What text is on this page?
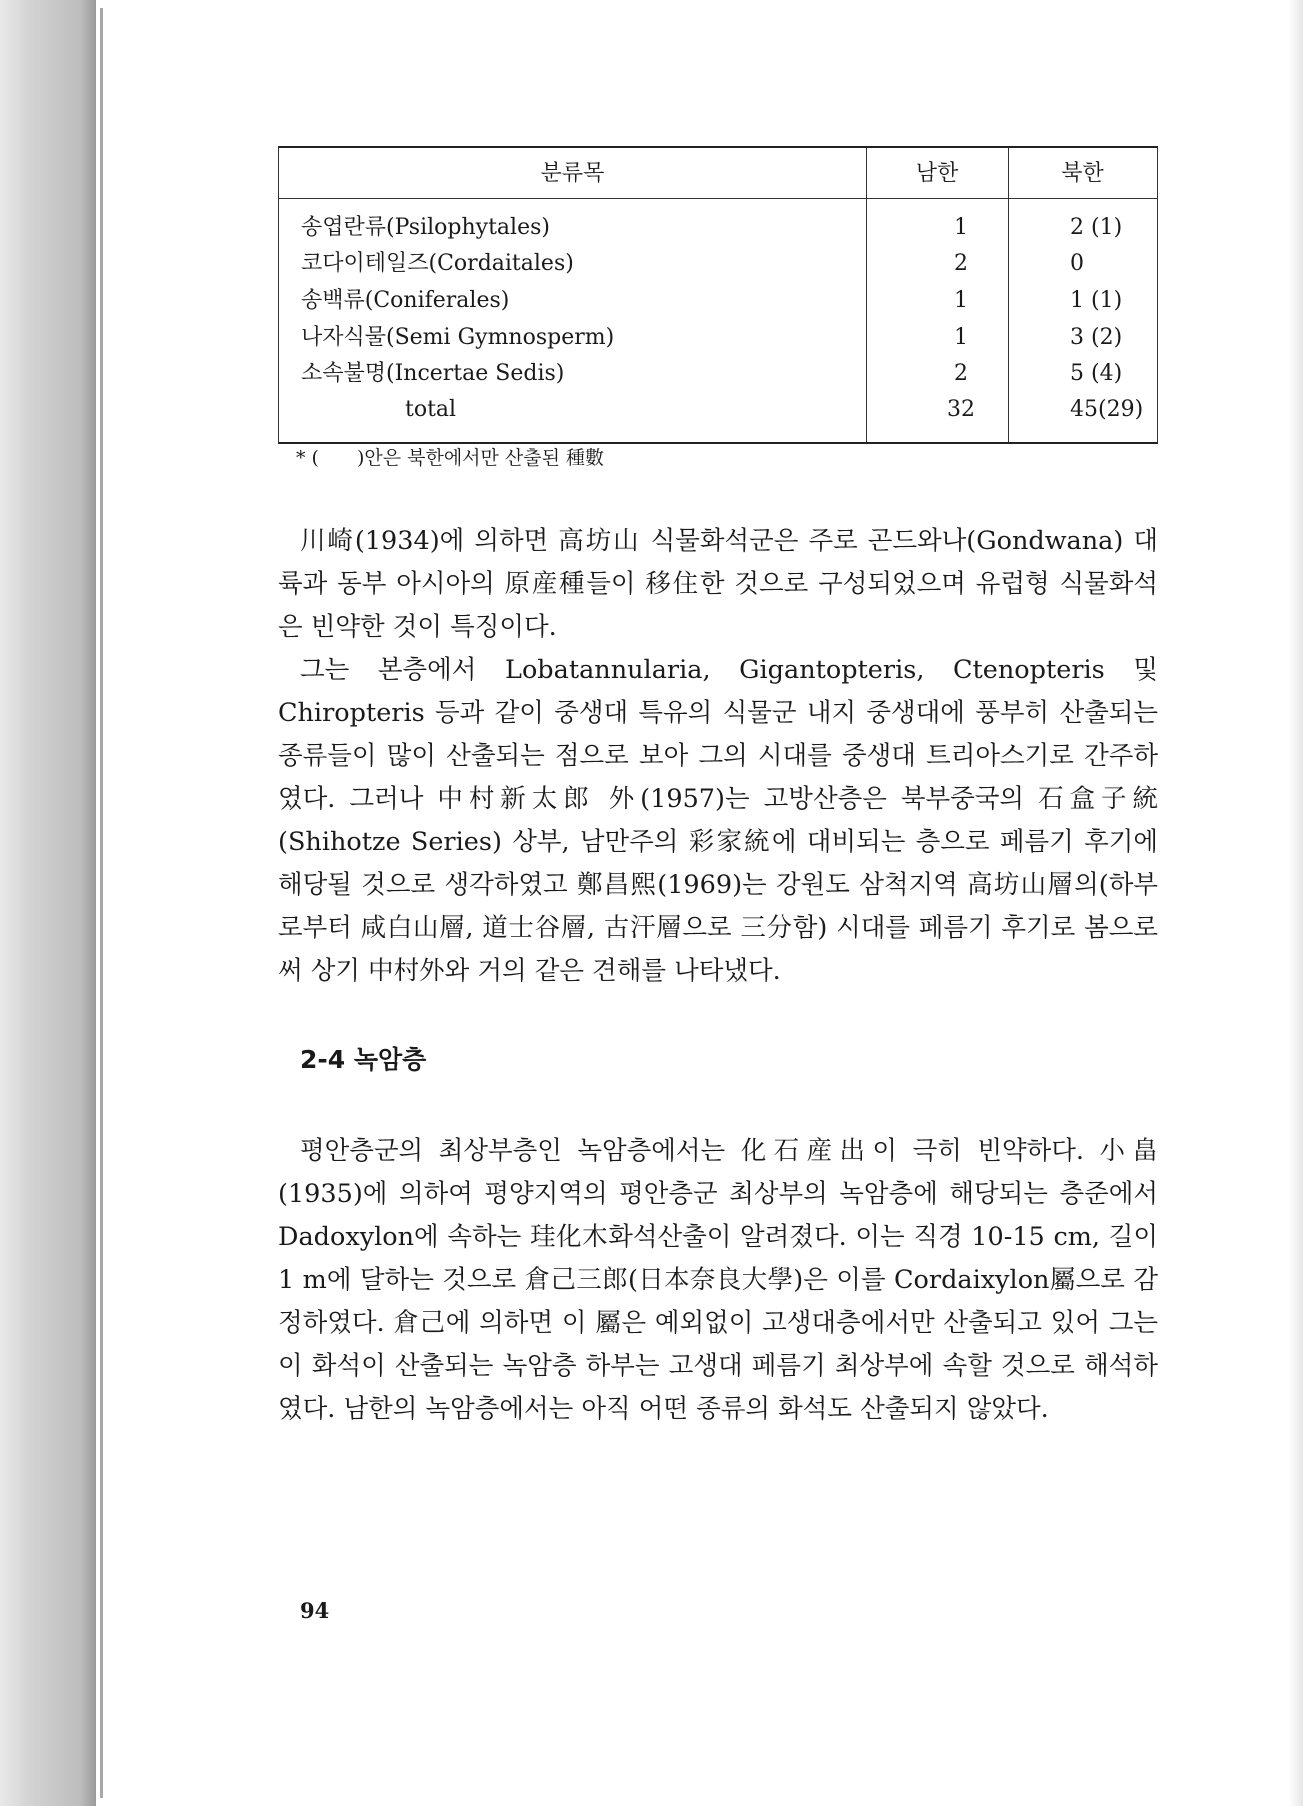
분류목	남한	북한
송엽란류(Psilophytales)	1	2 (1)
코다이테일즈(Cordaitales)	2	0
송백류(Coniferales)	1	1 (1)
나자식물(Semi Gymnosperm)	1	3 (2)
소속불명(Incertae Sedis)	2	5 (4)
total	32	45(29)
* (　　)안은 북한에서만 산출된 種數

川崎(1934)에 의하면 高坊山 식물화석군은 주로 곤드와나(Gondwana) 대륙과 동부 아시아의 原産種들이 移住한 것으로 구성되었으며 유럽형 식물화석은 빈약한 것이 특징이다.

그는 본층에서 Lobatannularia, Gigantopteris, Ctenopteris 및 Chiropteris 등과 같이 중생대 특유의 식물군 내지 중생대에 풍부히 산출되는 종류들이 많이 산출되는 점으로 보아 그의 시대를 중생대 트리아스기로 간주하였다. 그러나 中村新太郎 外(1957)는 고방산층은 북부중국의 石盒子統(Shihotze Series) 상부, 남만주의 彩家統에 대비되는 층으로 페름기 후기에 해당될 것으로 생각하였고 鄭昌熙(1969)는 강원도 삼척지역 高坊山層의(하부로부터 咸白山層, 道士谷層, 古汗層으로 三分함) 시대를 페름기 후기로 봄으로써 상기 中村外와 거의 같은 견해를 나타냈다.

2-4 녹암층

평안층군의 최상부층인 녹암층에서는 化石産出이 극히 빈약하다. 小畠(1935)에 의하여 평양지역의 평안층군 최상부의 녹암층에 해당되는 층준에서 Dadoxylon에 속하는 珪化木화석산출이 알려졌다. 이는 직경 10-15 cm, 길이 1 m에 달하는 것으로 倉己三郎(日本奈良大學)은 이를 Cordaixylon屬으로 감정하였다. 倉己에 의하면 이 屬은 예외없이 고생대층에서만 산출되고 있어 그는 이 화석이 산출되는 녹암층 하부는 고생대 페름기 최상부에 속할 것으로 해석하였다. 남한의 녹암층에서는 아직 어떤 종류의 화석도 산출되지 않았다.

94
